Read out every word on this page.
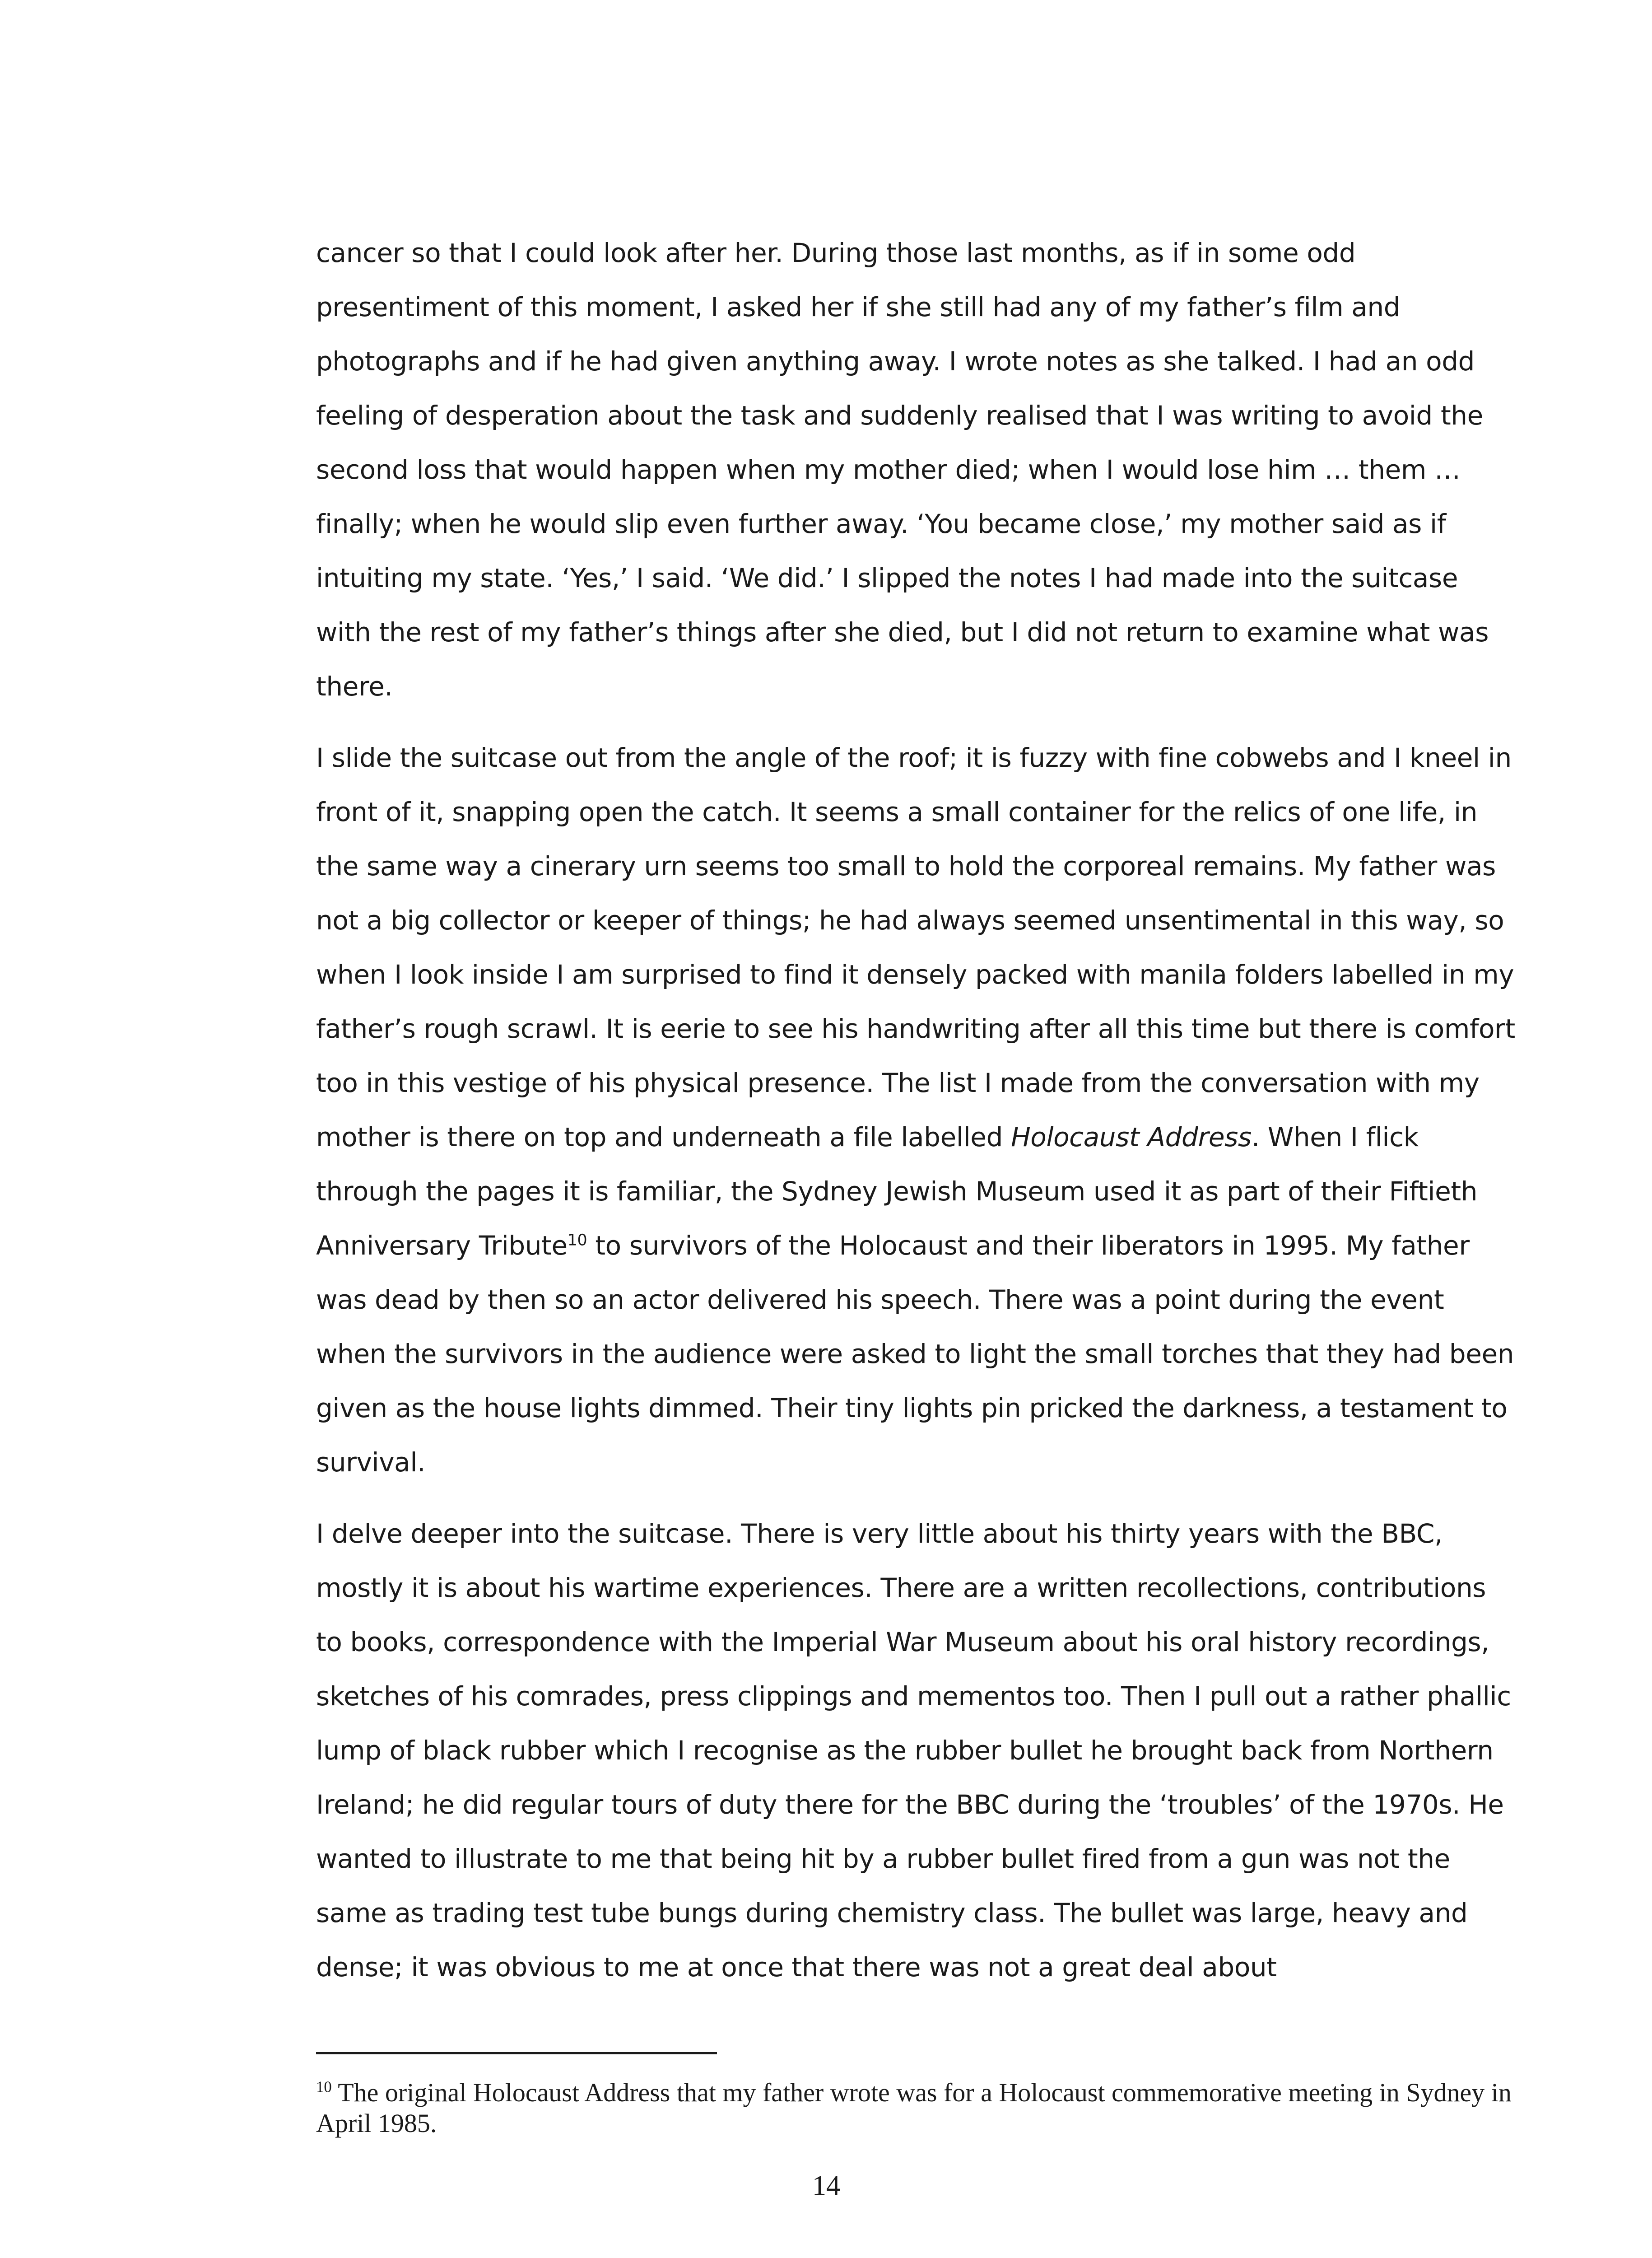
cancer so that I could look after her. During those last months, as if in some odd presentiment of this moment, I asked her if she still had any of my father’s film and photographs and if he had given anything away. I wrote notes as she talked. I had an odd feeling of desperation about the task and suddenly realised that I was writing to avoid the second loss that would happen when my mother died; when I would lose him … them … finally; when he would slip even further away. ‘You became close,’ my mother said as if intuiting my state. ‘Yes,’ I said. ‘We did.’ I slipped the notes I had made into the suitcase with the rest of my father’s things after she died, but I did not return to examine what was there.

I slide the suitcase out from the angle of the roof; it is fuzzy with fine cobwebs and I kneel in front of it, snapping open the catch. It seems a small container for the relics of one life, in the same way a cinerary urn seems too small to hold the corporeal remains. My father was not a big collector or keeper of things; he had always seemed unsentimental in this way, so when I look inside I am surprised to find it densely packed with manila folders labelled in my father’s rough scrawl. It is eerie to see his handwriting after all this time but there is comfort too in this vestige of his physical presence. The list I made from the conversation with my mother is there on top and underneath a file labelled Holocaust Address. When I flick through the pages it is familiar, the Sydney Jewish Museum used it as part of their Fiftieth Anniversary Tribute$^{10}$ to survivors of the Holocaust and their liberators in 1995. My father was dead by then so an actor delivered his speech. There was a point during the event when the survivors in the audience were asked to light the small torches that they had been given as the house lights dimmed. Their tiny lights pin pricked the darkness, a testament to survival.

I delve deeper into the suitcase. There is very little about his thirty years with the BBC, mostly it is about his wartime experiences. There are a written recollections, contributions to books, correspondence with the Imperial War Museum about his oral history recordings, sketches of his comrades, press clippings and mementos too. Then I pull out a rather phallic lump of black rubber which I recognise as the rubber bullet he brought back from Northern Ireland; he did regular tours of duty there for the BBC during the ‘troubles’ of the 1970s. He wanted to illustrate to me that being hit by a rubber bullet fired from a gun was not the same as trading test tube bungs during chemistry class. The bullet was large, heavy and dense; it was obvious to me at once that there was not a great deal about

$^{10}$ The original Holocaust Address that my father wrote was for a Holocaust commemorative meeting in Sydney in April 1985.
14
